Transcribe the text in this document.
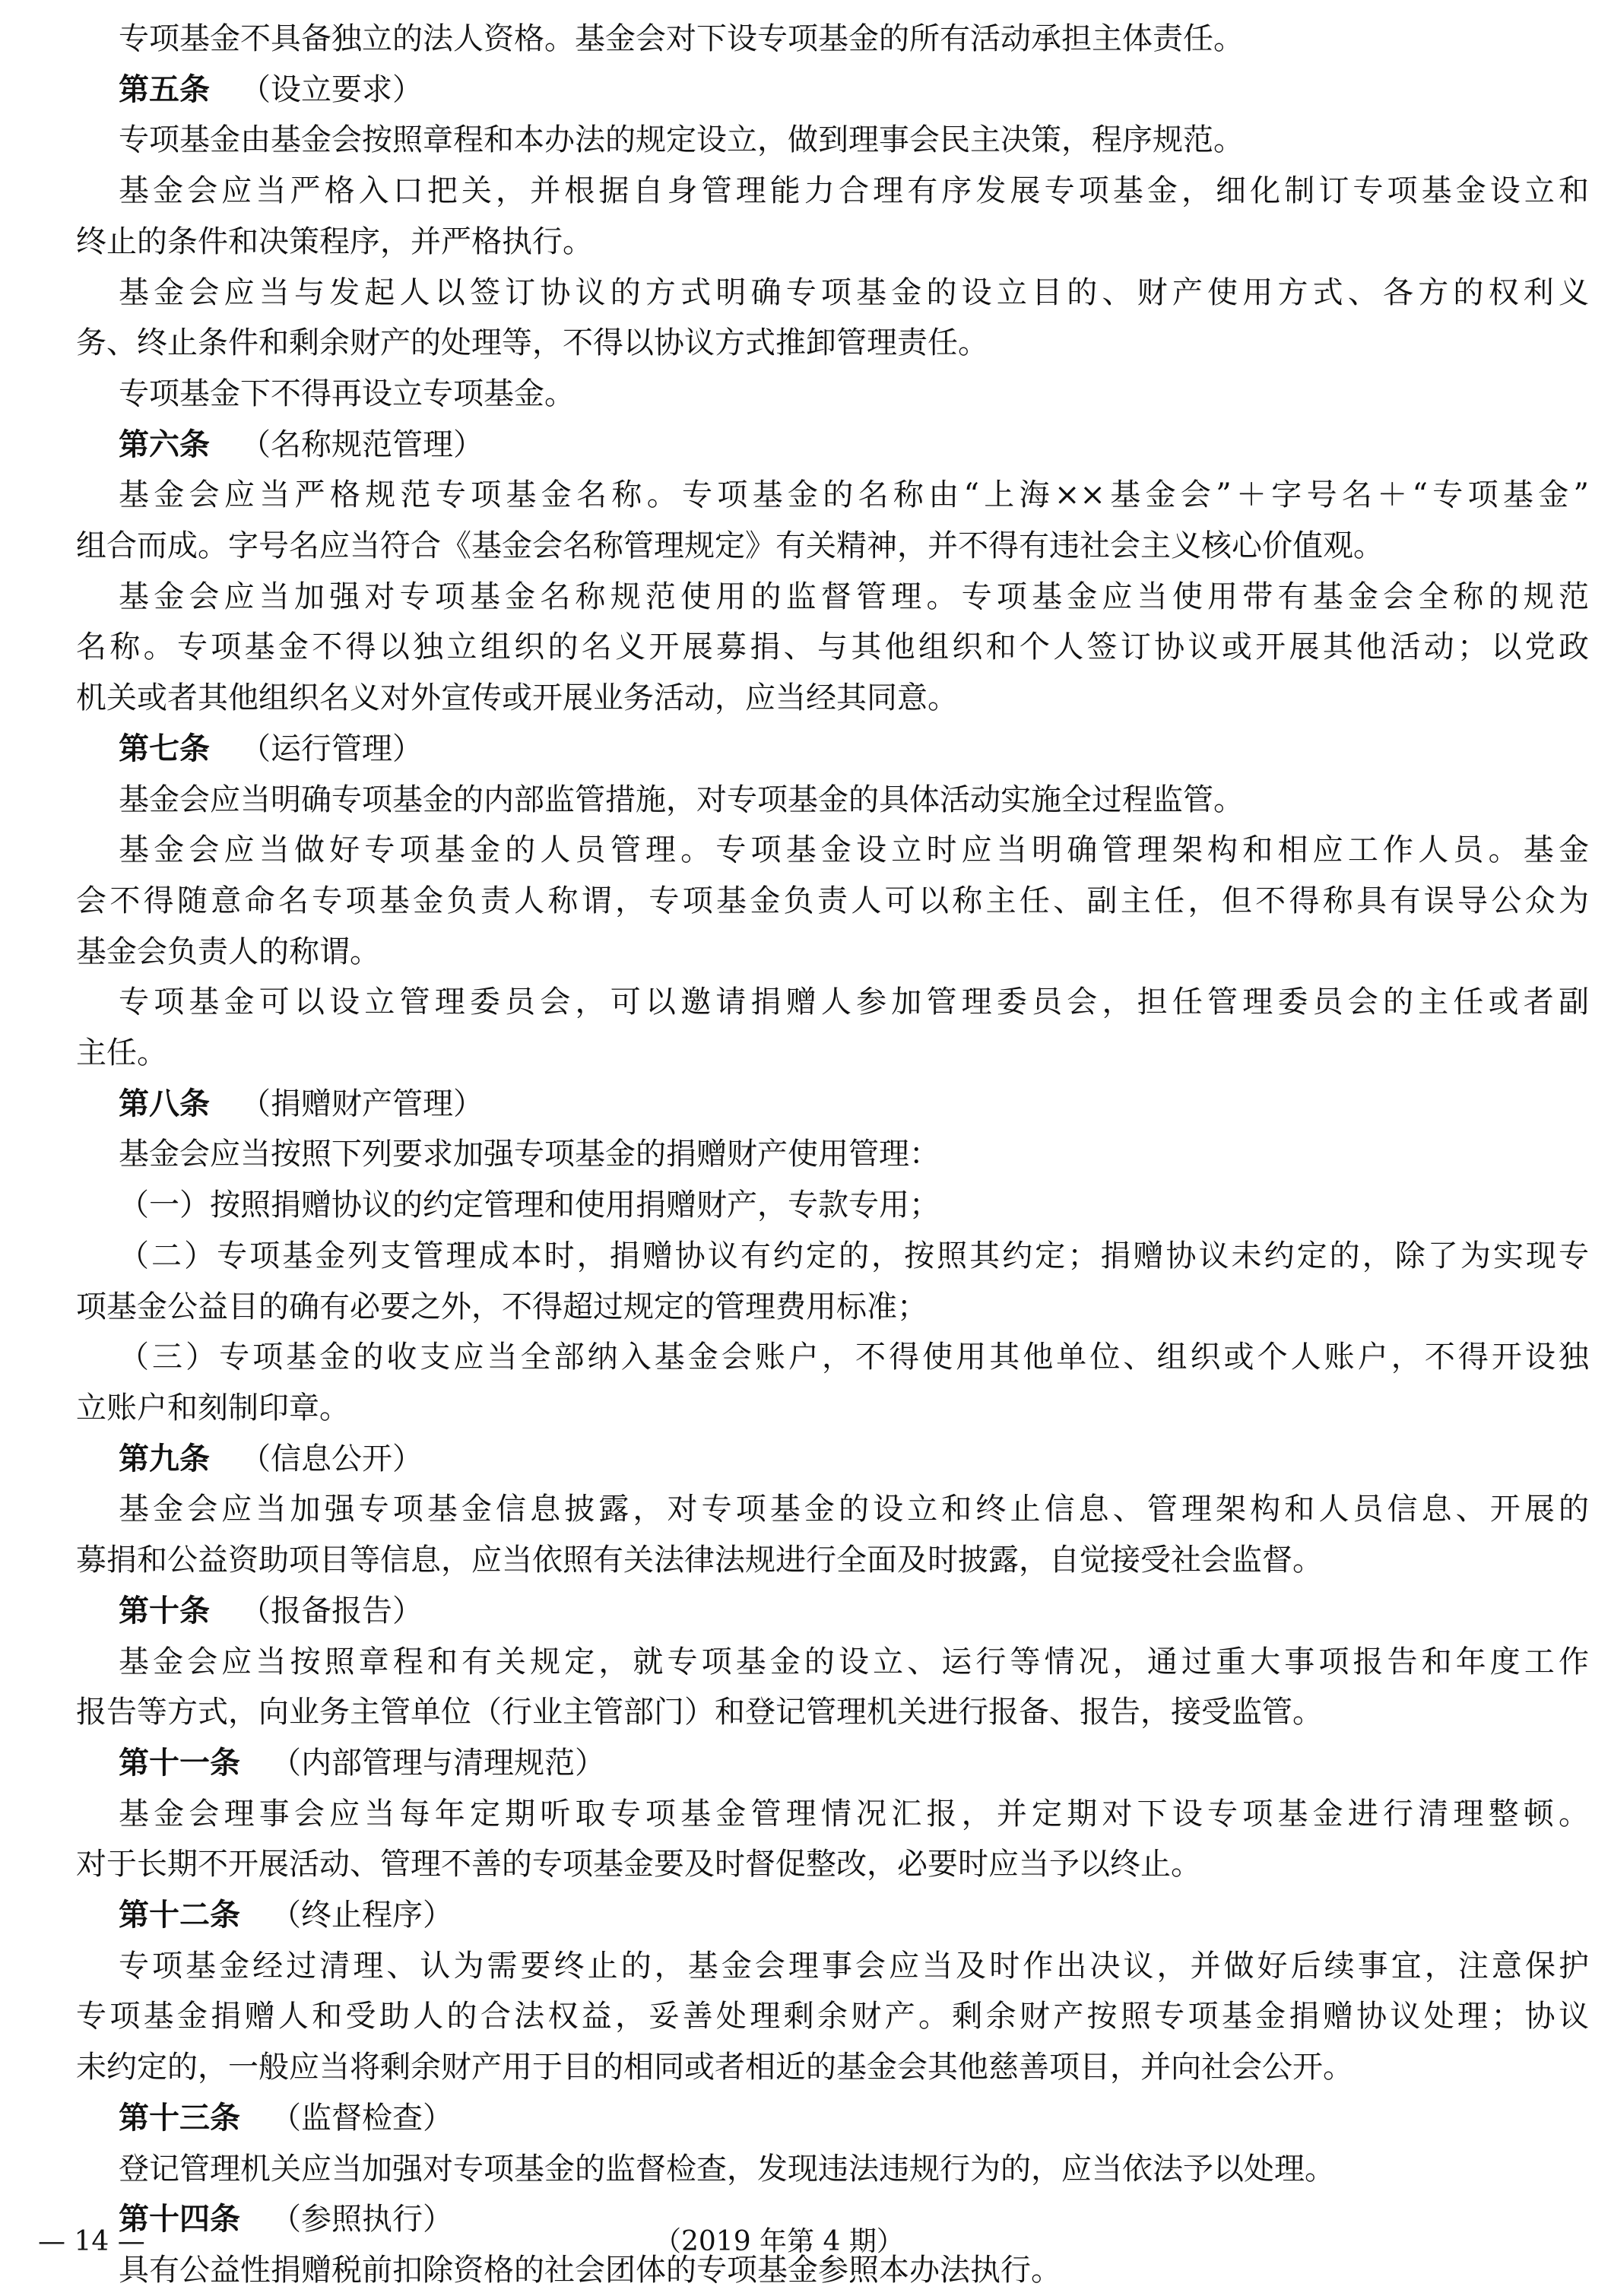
专项基金不具备独立的法人资格。基金会对下设专项基金的所有活动承担主体责任。
第五条 （设立要求）
专项基金由基金会按照章程和本办法的规定设立，做到理事会民主决策，程序规范。
基金会应当严格入口把关，并根据自身管理能力合理有序发展专项基金，细化制订专项基金设立和
终止的条件和决策程序，并严格执行。
基金会应当与发起人以签订协议的方式明确专项基金的设立目的、财产使用方式、各方的权利义
务、终止条件和剩余财产的处理等，不得以协议方式推卸管理责任。
专项基金下不得再设立专项基金。
第六条 （名称规范管理）
基金会应当严格规范专项基金名称。专项基金的名称由“上海××基金会”＋字号名＋“专项基金”
组合而成。字号名应当符合《基金会名称管理规定》有关精神，并不得有违社会主义核心价值观。
基金会应当加强对专项基金名称规范使用的监督管理。专项基金应当使用带有基金会全称的规范
名称。专项基金不得以独立组织的名义开展募捐、与其他组织和个人签订协议或开展其他活动；以党政
机关或者其他组织名义对外宣传或开展业务活动，应当经其同意。
第七条 （运行管理）
基金会应当明确专项基金的内部监管措施，对专项基金的具体活动实施全过程监管。
基金会应当做好专项基金的人员管理。专项基金设立时应当明确管理架构和相应工作人员。基金
会不得随意命名专项基金负责人称谓，专项基金负责人可以称主任、副主任，但不得称具有误导公众为
基金会负责人的称谓。
专项基金可以设立管理委员会，可以邀请捐赠人参加管理委员会，担任管理委员会的主任或者副
主任。
第八条 （捐赠财产管理）
基金会应当按照下列要求加强专项基金的捐赠财产使用管理：
（一）按照捐赠协议的约定管理和使用捐赠财产，专款专用；
（二）专项基金列支管理成本时，捐赠协议有约定的，按照其约定；捐赠协议未约定的，除了为实现专
项基金公益目的确有必要之外，不得超过规定的管理费用标准；
（三）专项基金的收支应当全部纳入基金会账户，不得使用其他单位、组织或个人账户，不得开设独
立账户和刻制印章。
第九条 （信息公开）
基金会应当加强专项基金信息披露，对专项基金的设立和终止信息、管理架构和人员信息、开展的
募捐和公益资助项目等信息，应当依照有关法律法规进行全面及时披露，自觉接受社会监督。
第十条 （报备报告）
基金会应当按照章程和有关规定，就专项基金的设立、运行等情况，通过重大事项报告和年度工作
报告等方式，向业务主管单位（行业主管部门）和登记管理机关进行报备、报告，接受监管。
第十一条 （内部管理与清理规范）
基金会理事会应当每年定期听取专项基金管理情况汇报，并定期对下设专项基金进行清理整顿。
对于长期不开展活动、管理不善的专项基金要及时督促整改，必要时应当予以终止。
第十二条 （终止程序）
专项基金经过清理、认为需要终止的，基金会理事会应当及时作出决议，并做好后续事宜，注意保护
专项基金捐赠人和受助人的合法权益，妥善处理剩余财产。剩余财产按照专项基金捐赠协议处理；协议
未约定的，一般应当将剩余财产用于目的相同或者相近的基金会其他慈善项目，并向社会公开。
第十三条 （监督检查）
登记管理机关应当加强对专项基金的监督检查，发现违法违规行为的，应当依法予以处理。
第十四条 （参照执行）
具有公益性捐赠税前扣除资格的社会团体的专项基金参照本办法执行。
— 14 —	（2019 年第 4 期）
